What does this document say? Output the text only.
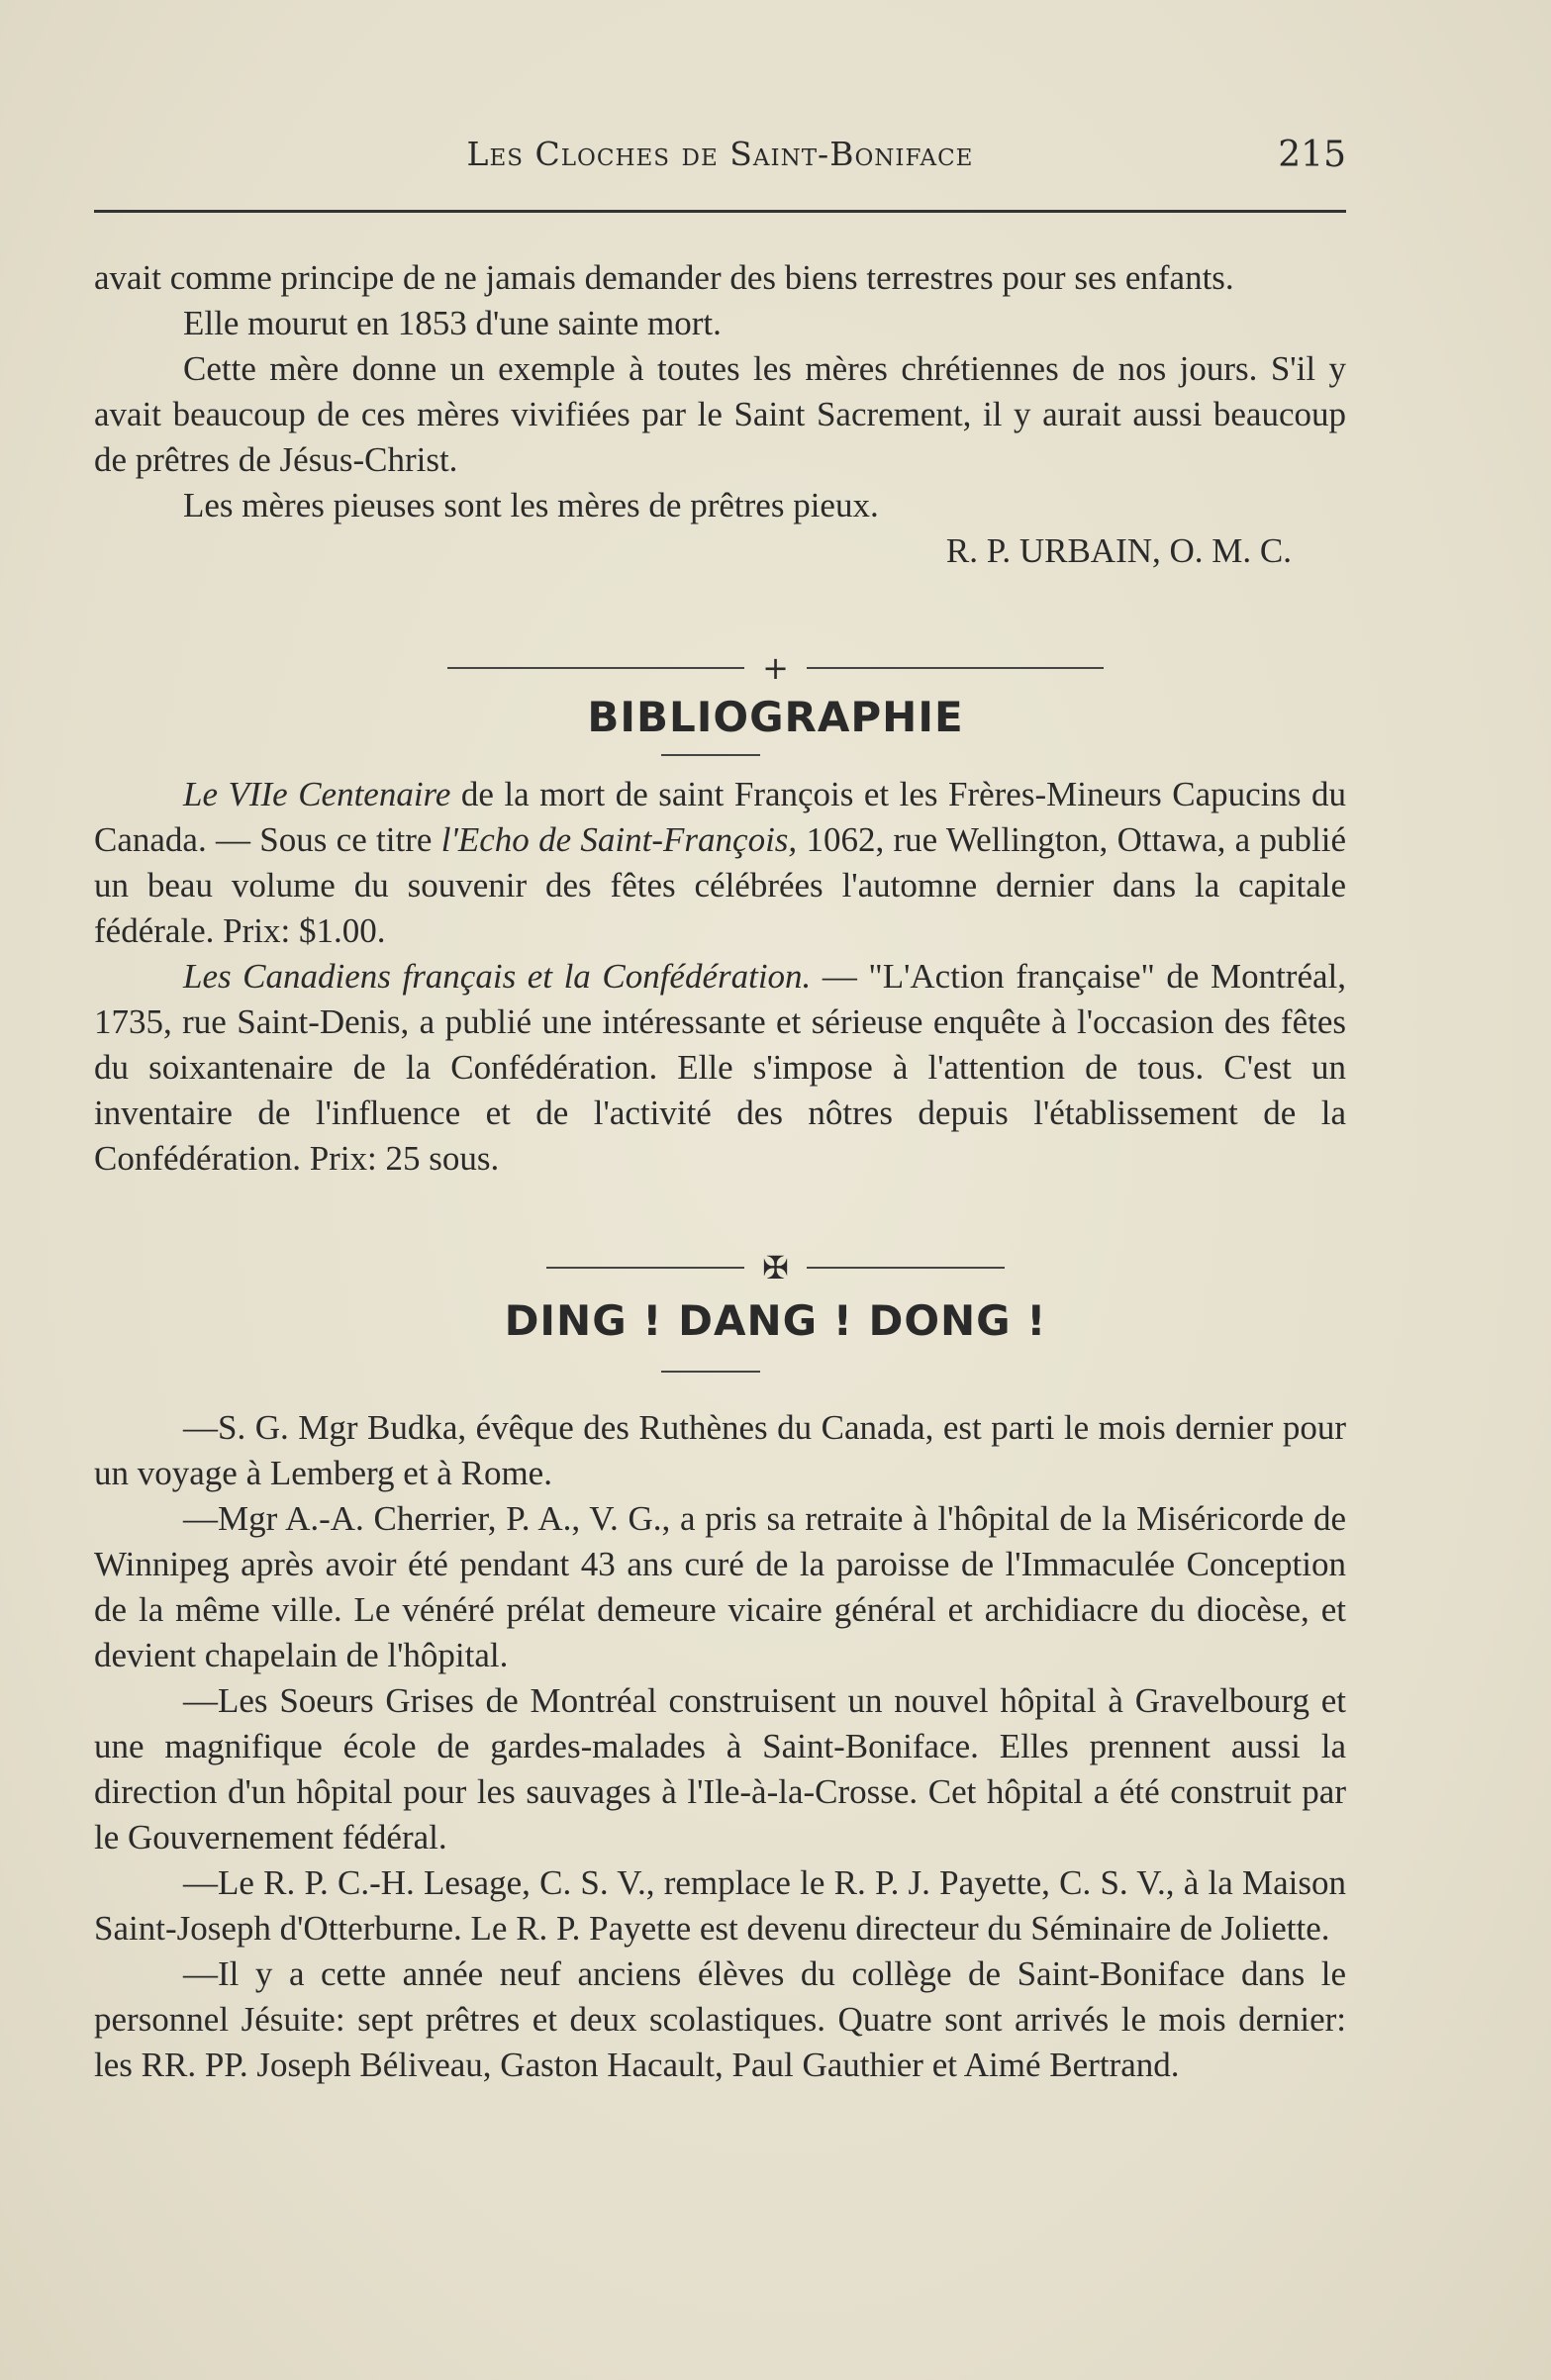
Les Cloches de Saint-Boniface	215

avait comme principe de ne jamais demander des biens terrestres pour ses enfants.

Elle mourut en 1853 d'une sainte mort.

Cette mère donne un exemple à toutes les mères chrétiennes de nos jours. S'il y avait beaucoup de ces mères vivifiées par le Saint Sacrement, il y aurait aussi beaucoup de prêtres de Jésus-Christ.

Les mères pieuses sont les mères de prêtres pieux.

R. P. URBAIN, O. M. C.

+
BIBLIOGRAPHIE

Le VIIe Centenaire de la mort de saint François et les Frères-Mineurs Capucins du Canada. — Sous ce titre l'Echo de Saint-François, 1062, rue Wellington, Ottawa, a publié un beau volume du souvenir des fêtes célébrées l'automne dernier dans la capitale fédérale. Prix: $1.00.

Les Canadiens français et la Confédération. — "L'Action française" de Montréal, 1735, rue Saint-Denis, a publié une intéressante et sérieuse enquête à l'occasion des fêtes du soixantenaire de la Confédération. Elle s'impose à l'attention de tous. C'est un inventaire de l'influence et de l'activité des nôtres depuis l'établissement de la Confédération. Prix: 25 sous.

✠
DING ! DANG ! DONG !

—S. G. Mgr Budka, évêque des Ruthènes du Canada, est parti le mois dernier pour un voyage à Lemberg et à Rome.

—Mgr A.-A. Cherrier, P. A., V. G., a pris sa retraite à l'hôpital de la Miséricorde de Winnipeg après avoir été pendant 43 ans curé de la paroisse de l'Immaculée Conception de la même ville. Le vénéré prélat demeure vicaire général et archidiacre du diocèse, et devient chapelain de l'hôpital.

—Les Soeurs Grises de Montréal construisent un nouvel hôpital à Gravelbourg et une magnifique école de gardes-malades à Saint-Boniface. Elles prennent aussi la direction d'un hôpital pour les sauvages à l'Ile-à-la-Crosse. Cet hôpital a été construit par le Gouvernement fédéral.

—Le R. P. C.-H. Lesage, C. S. V., remplace le R. P. J. Payette, C. S. V., à la Maison Saint-Joseph d'Otterburne. Le R. P. Payette est devenu directeur du Séminaire de Joliette.

—Il y a cette année neuf anciens élèves du collège de Saint-Boniface dans le personnel Jésuite: sept prêtres et deux scolastiques. Quatre sont arrivés le mois dernier: les RR. PP. Joseph Béliveau, Gaston Hacault, Paul Gauthier et Aimé Bertrand.
